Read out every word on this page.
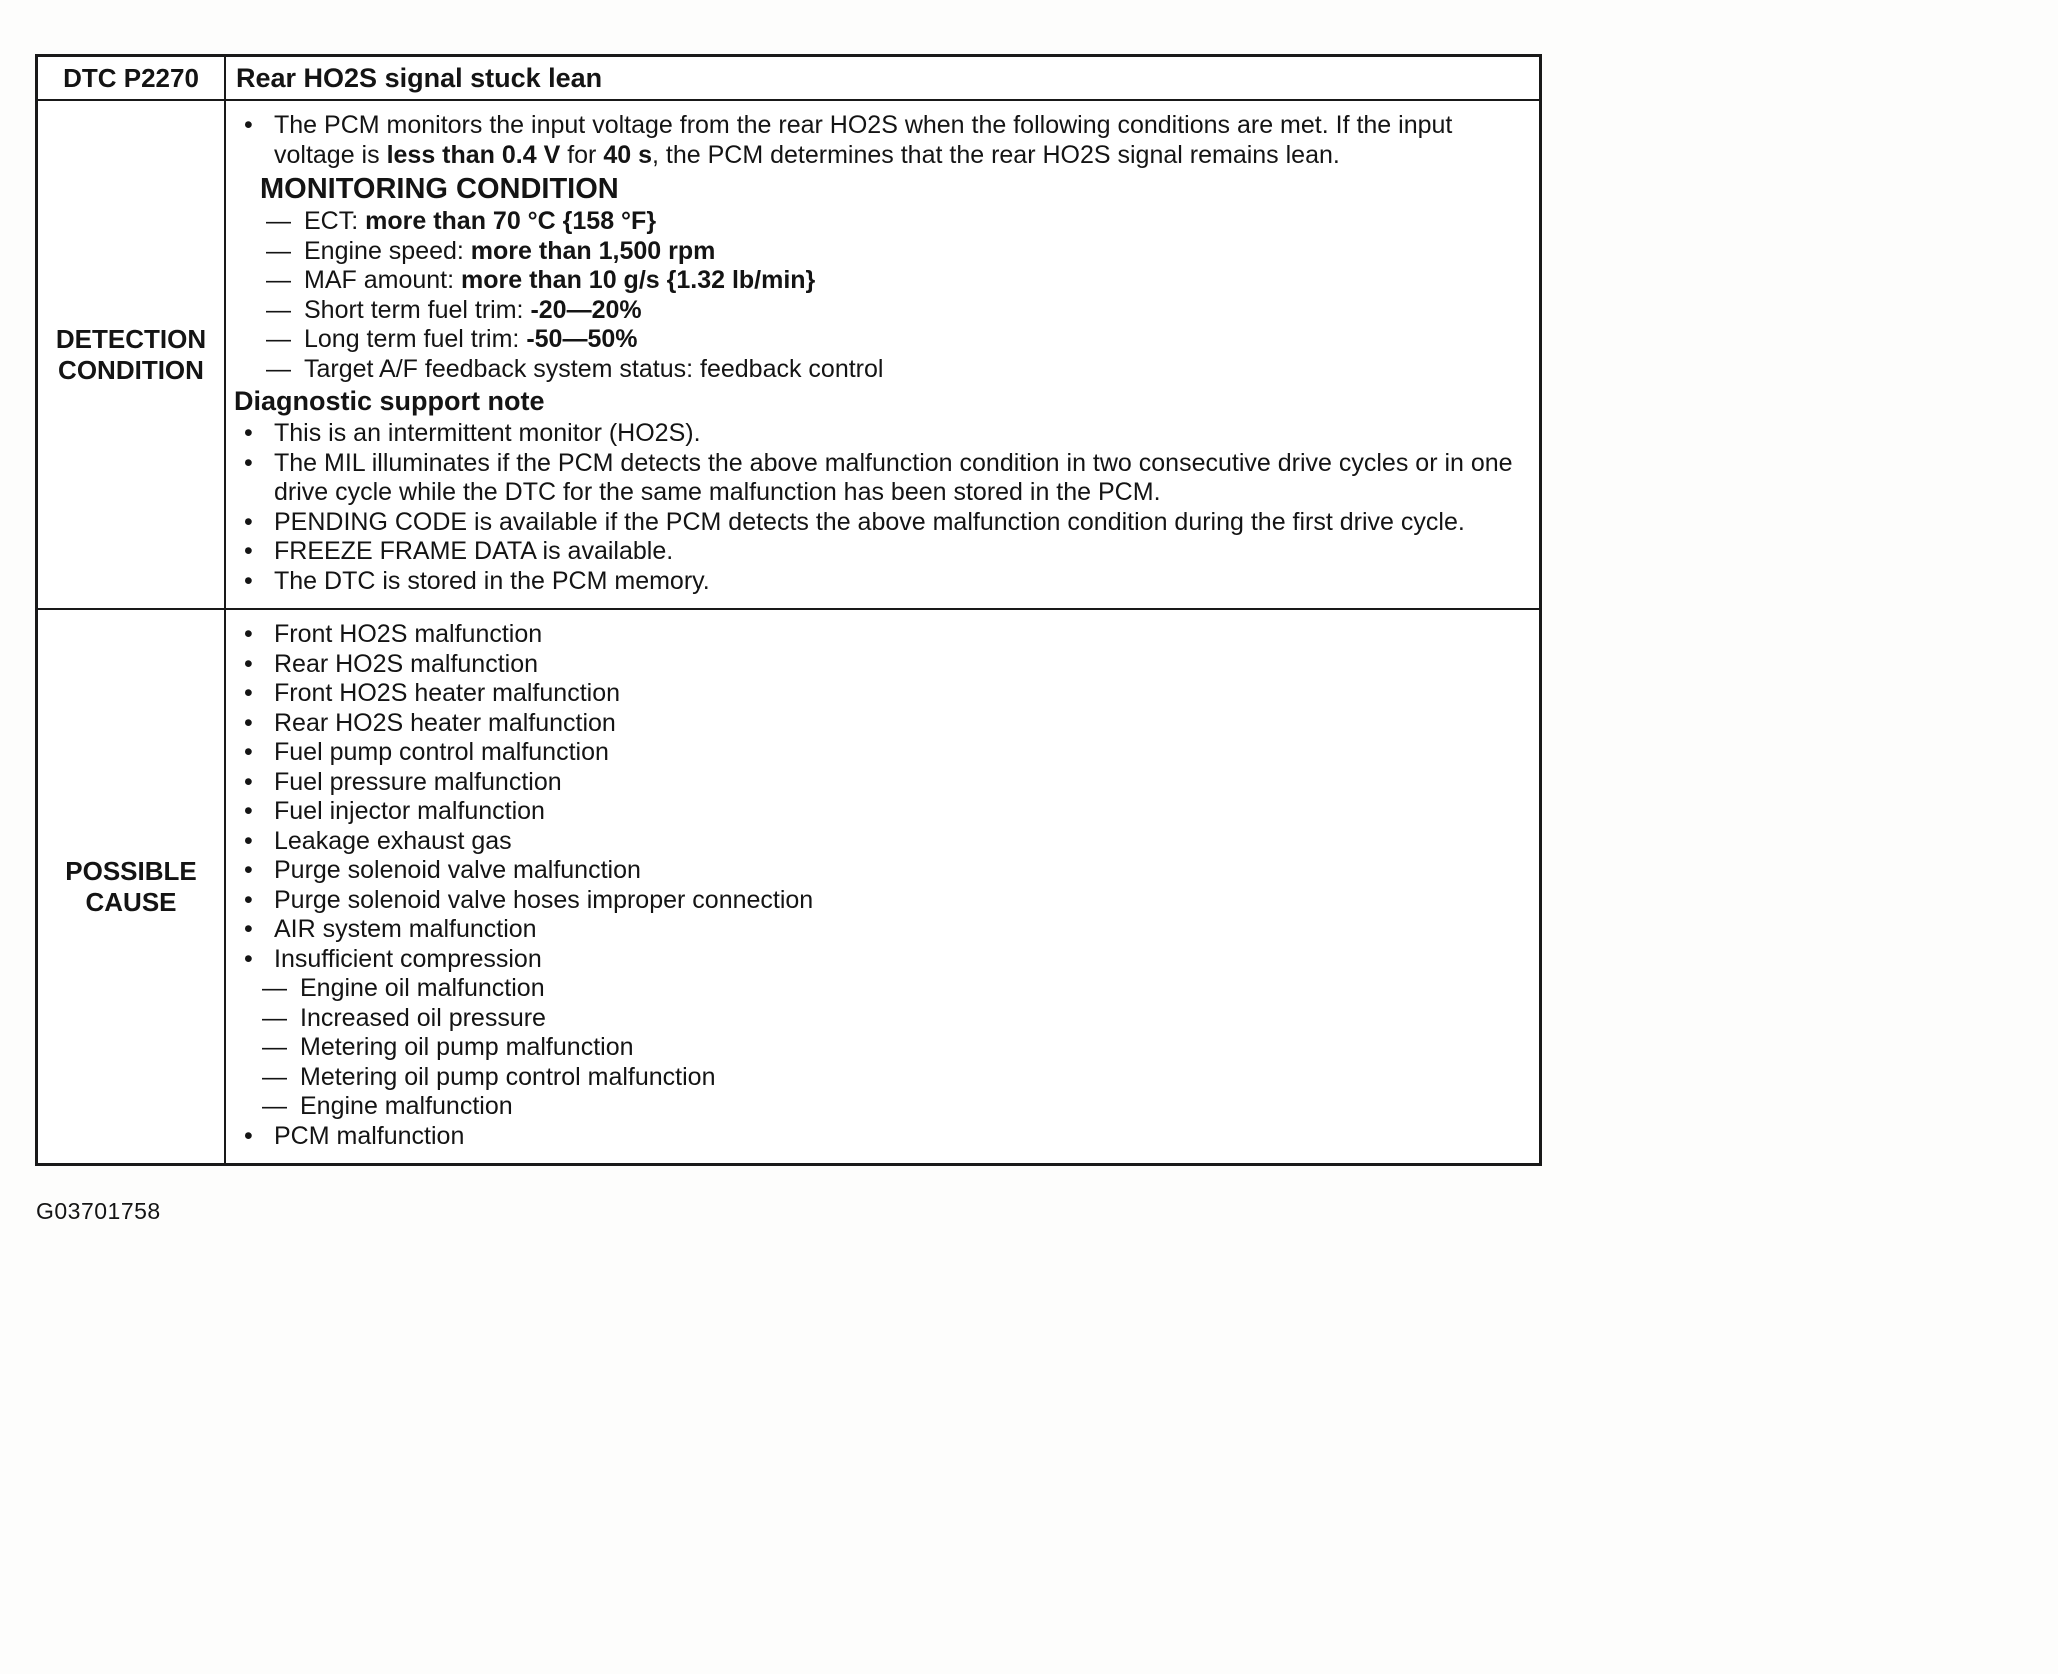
DTC P2270 Rear HO2S signal stuck lean
DETECTION CONDITION
• The PCM monitors the input voltage from the rear HO2S when the following conditions are met. If the input voltage is less than 0.4 V for 40 s, the PCM determines that the rear HO2S signal remains lean.
MONITORING CONDITION
— ECT: more than 70 °C {158 °F}
— Engine speed: more than 1,500 rpm
— MAF amount: more than 10 g/s {1.32 lb/min}
— Short term fuel trim: -20—20%
— Long term fuel trim: -50—50%
— Target A/F feedback system status: feedback control
Diagnostic support note
• This is an intermittent monitor (HO2S).
• The MIL illuminates if the PCM detects the above malfunction condition in two consecutive drive cycles or in one drive cycle while the DTC for the same malfunction has been stored in the PCM.
• PENDING CODE is available if the PCM detects the above malfunction condition during the first drive cycle.
• FREEZE FRAME DATA is available.
• The DTC is stored in the PCM memory.
POSSIBLE CAUSE
• Front HO2S malfunction
• Rear HO2S malfunction
• Front HO2S heater malfunction
• Rear HO2S heater malfunction
• Fuel pump control malfunction
• Fuel pressure malfunction
• Fuel injector malfunction
• Leakage exhaust gas
• Purge solenoid valve malfunction
• Purge solenoid valve hoses improper connection
• AIR system malfunction
• Insufficient compression
— Engine oil malfunction
— Increased oil pressure
— Metering oil pump malfunction
— Metering oil pump control malfunction
— Engine malfunction
• PCM malfunction
G03701758
